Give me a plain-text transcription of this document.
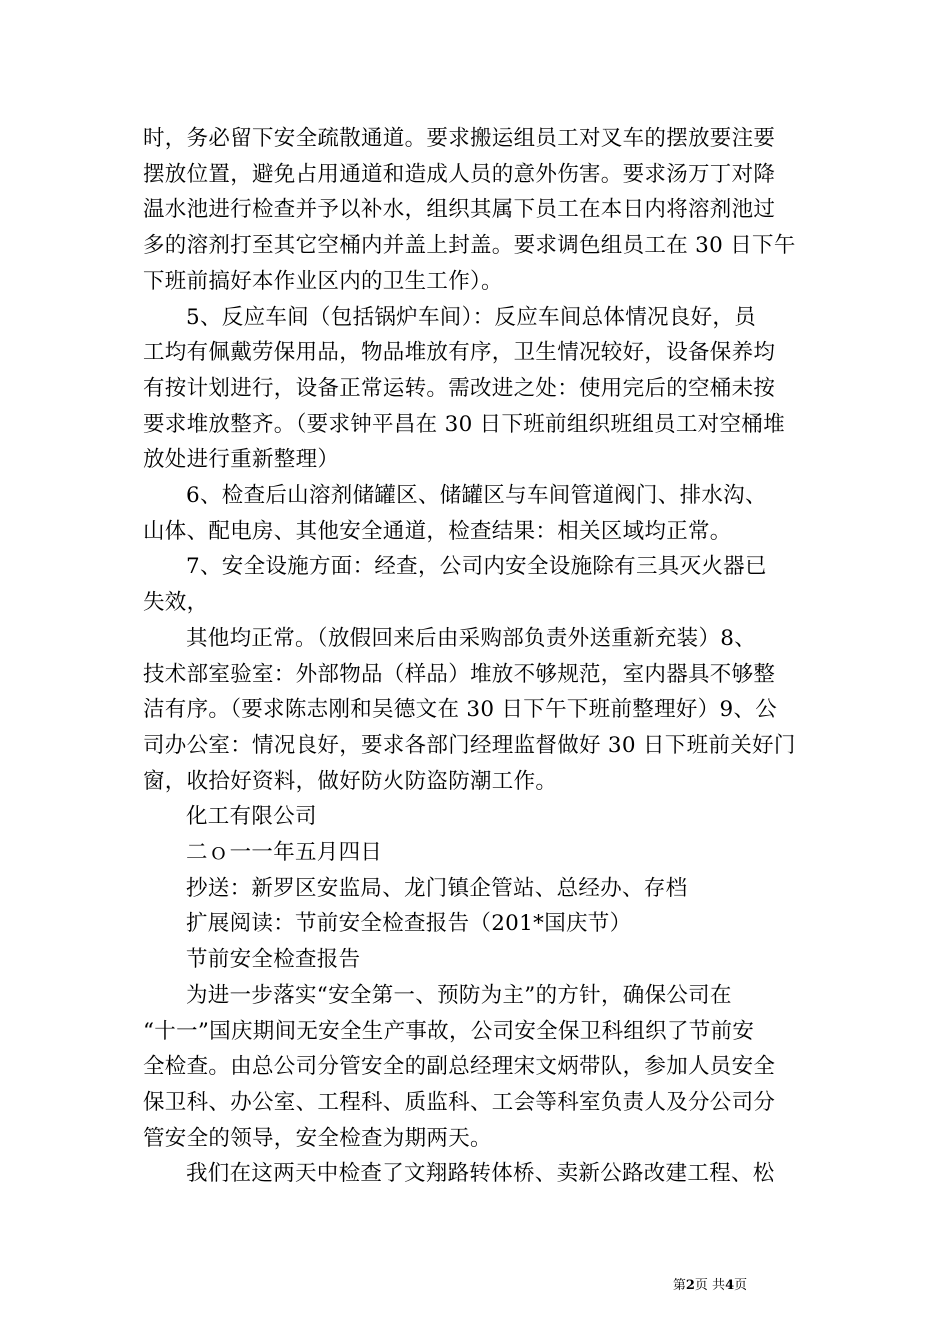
时，务必留下安全疏散通道。要求搬运组员工对叉车的摆放要注要
摆放位置，避免占用通道和造成人员的意外伤害。要求汤万丁对降
温水池进行检查并予以补水，组织其属下员工在本日内将溶剂池过
多的溶剂打至其它空桶内并盖上封盖。要求调色组员工在 30 日下午
下班前搞好本作业区内的卫生工作）。
5、反应车间（包括锅炉车间）：反应车间总体情况良好，员
工均有佩戴劳保用品，物品堆放有序，卫生情况较好，设备保养均
有按计划进行，设备正常运转。需改进之处：使用完后的空桶未按
要求堆放整齐。（要求钟平昌在 30 日下班前组织班组员工对空桶堆
放处进行重新整理）
6、检查后山溶剂储罐区、储罐区与车间管道阀门、排水沟、
山体、配电房、其他安全通道，检查结果：相关区域均正常。
7、安全设施方面：经查，公司内安全设施除有三具灭火器已
失效，
其他均正常。（放假回来后由采购部负责外送重新充装）8、
技术部室验室：外部物品（样品）堆放不够规范，室内器具不够整
洁有序。（要求陈志刚和吴德文在 30 日下午下班前整理好）9、公
司办公室：情况良好，要求各部门经理监督做好 30 日下班前关好门
窗，收拾好资料，做好防火防盗防潮工作。
化工有限公司
二ｏ一一年五月四日
抄送：新罗区安监局、龙门镇企管站、总经办、存档
扩展阅读：节前安全检查报告（201*国庆节）
节前安全检查报告
为进一步落实“安全第一、预防为主”的方针，确保公司在
“十一”国庆期间无安全生产事故，公司安全保卫科组织了节前安
全检查。由总公司分管安全的副总经理宋文炳带队，参加人员安全
保卫科、办公室、工程科、质监科、工会等科室负责人及分公司分
管安全的领导，安全检查为期两天。
我们在这两天中检查了文翔路转体桥、卖新公路改建工程、松
第2页 共4页
